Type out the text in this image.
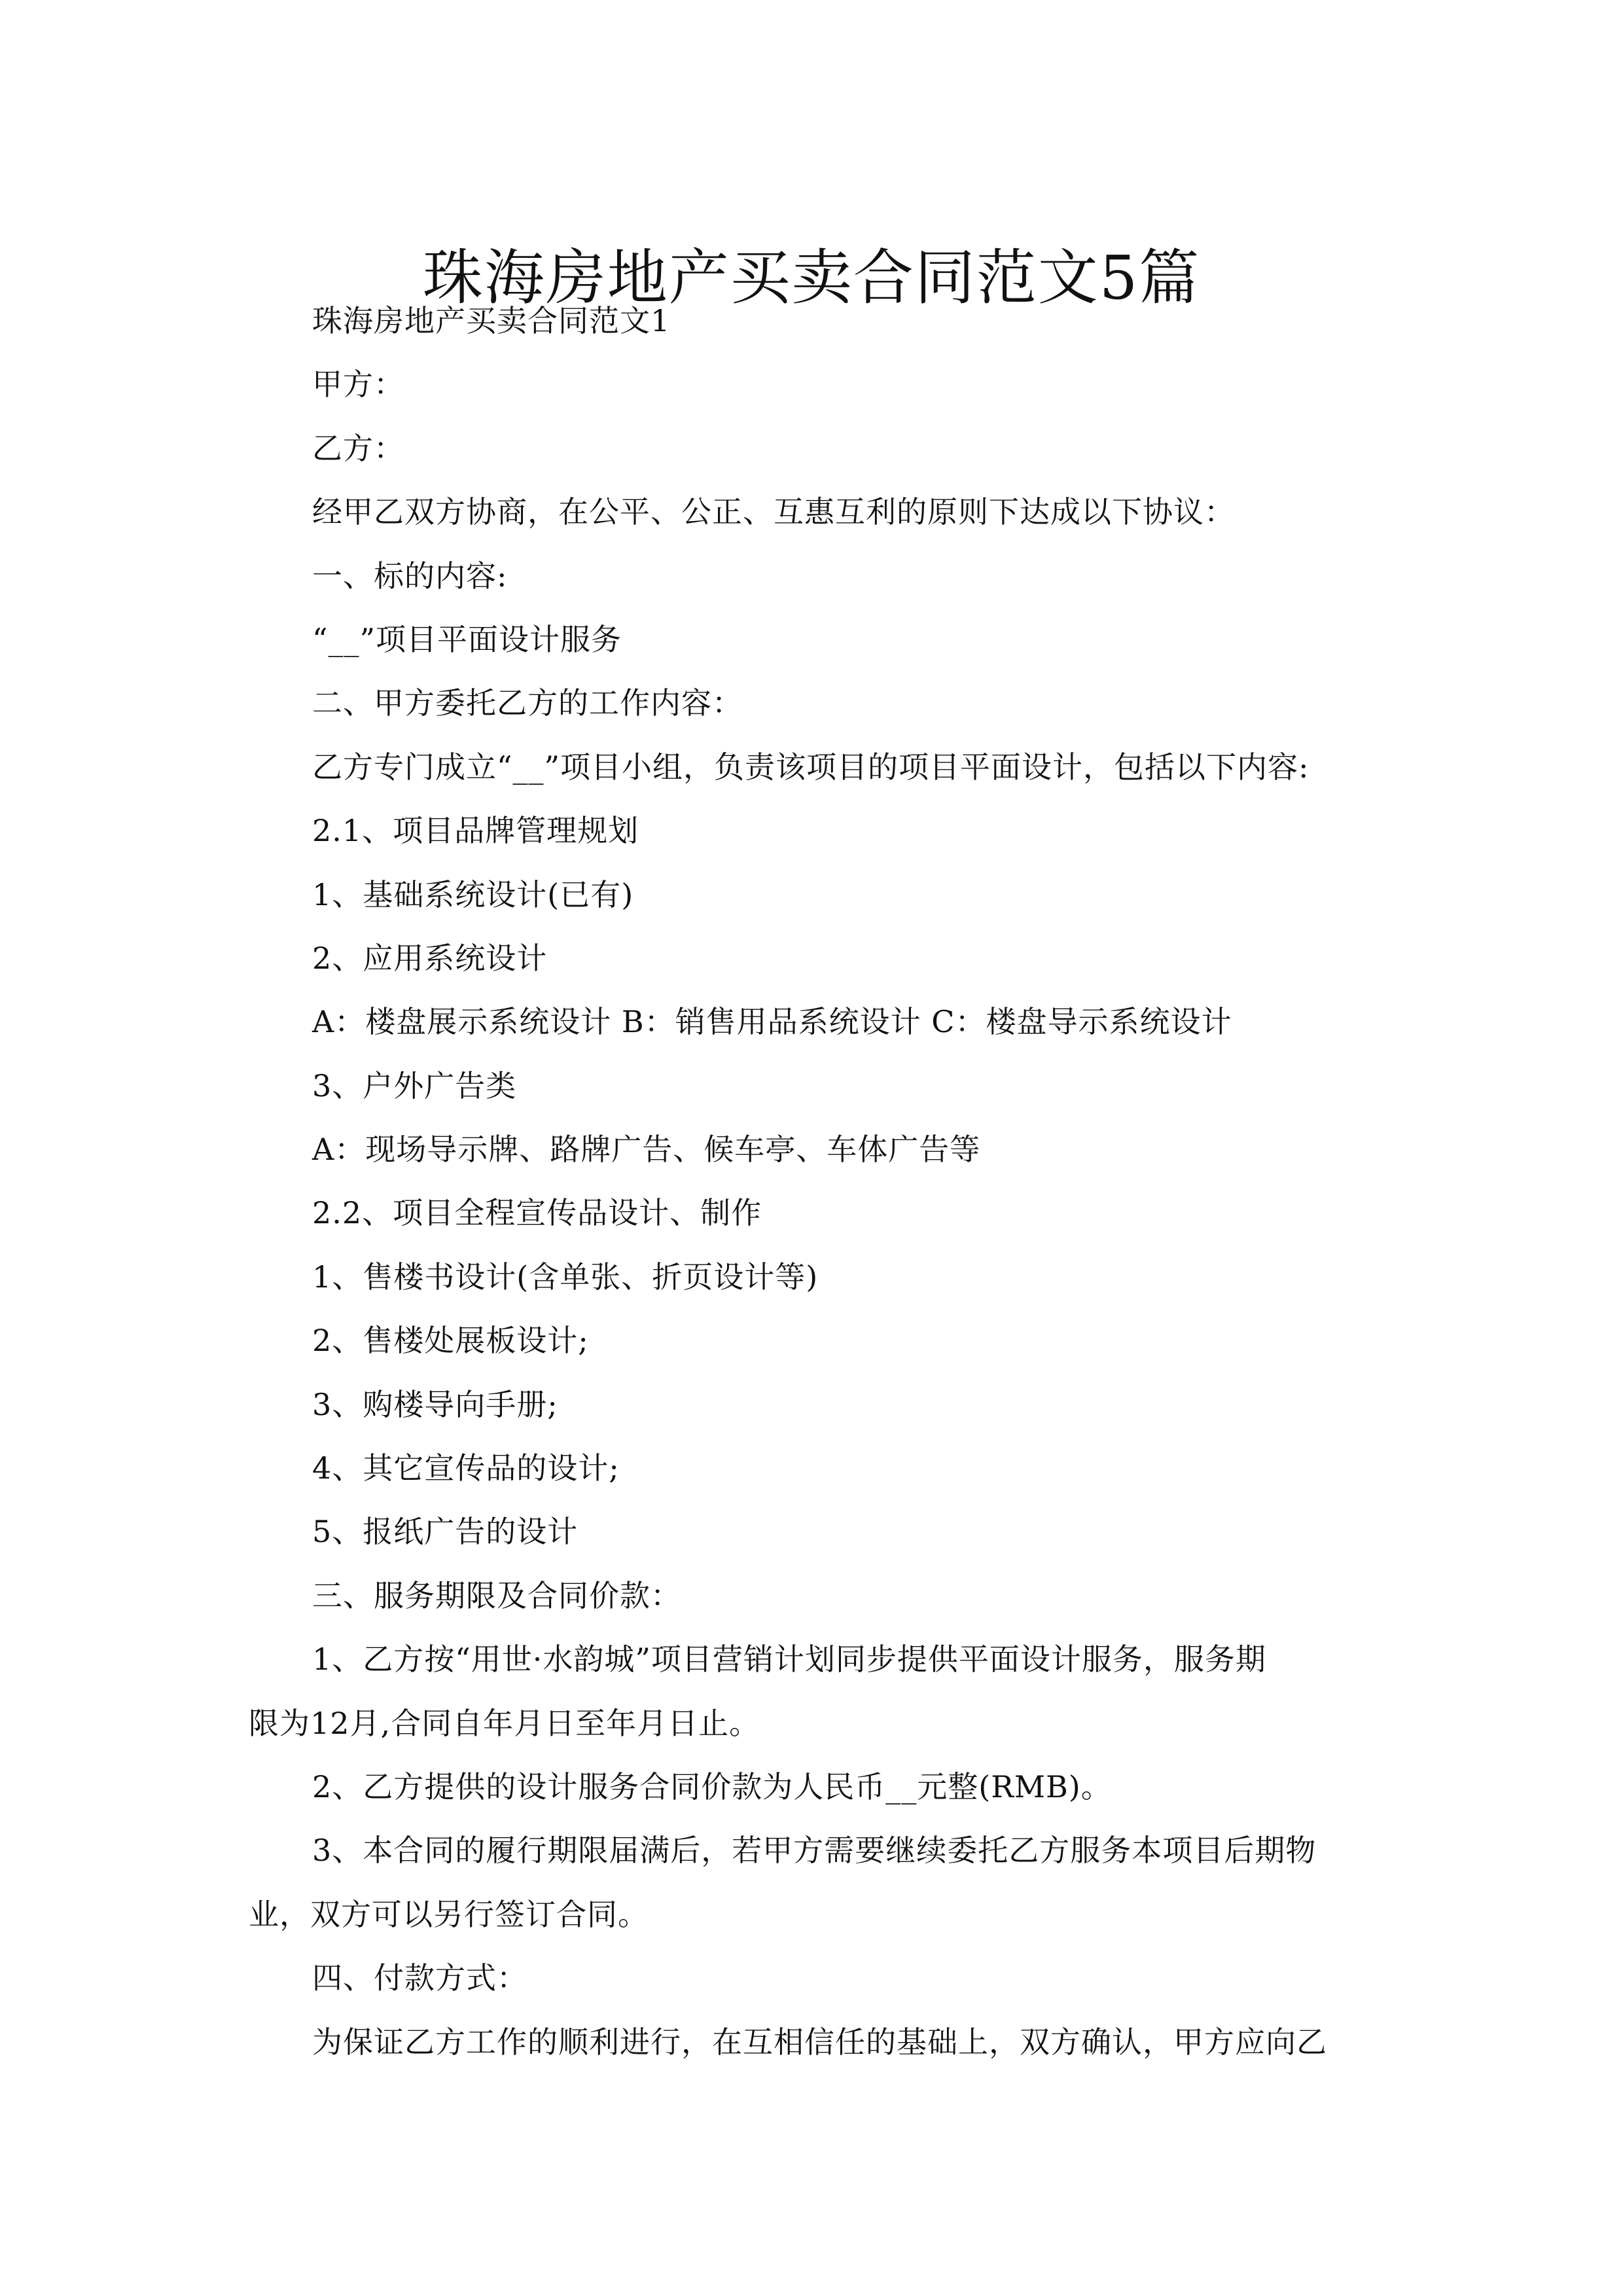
珠海房地产买卖合同范文5篇
珠海房地产买卖合同范文1
甲方：
乙方：
经甲乙双方协商，在公平、公正、互惠互利的原则下达成以下协议：
一、标的内容:
“__”项目平面设计服务
二、甲方委托乙方的工作内容：
乙方专门成立“__”项目小组，负责该项目的项目平面设计，包括以下内容:
2.1、项目品牌管理规划
1、基础系统设计(已有)
2、应用系统设计
A：楼盘展示系统设计 B：销售用品系统设计 C：楼盘导示系统设计
3、户外广告类
A：现场导示牌、路牌广告、候车亭、车体广告等
2.2、项目全程宣传品设计、制作
1、售楼书设计(含单张、折页设计等)
2、售楼处展板设计;
3、购楼导向手册;
4、其它宣传品的设计;
5、报纸广告的设计
三、服务期限及合同价款：
1、乙方按“用世·水韵城”项目营销计划同步提供平面设计服务，服务期
限为12月,合同自年月日至年月日止。
2、乙方提供的设计服务合同价款为人民币__元整(RMB)。
3、本合同的履行期限届满后，若甲方需要继续委托乙方服务本项目后期物
业，双方可以另行签订合同。
四、付款方式：
为保证乙方工作的顺利进行，在互相信任的基础上，双方确认，甲方应向乙
